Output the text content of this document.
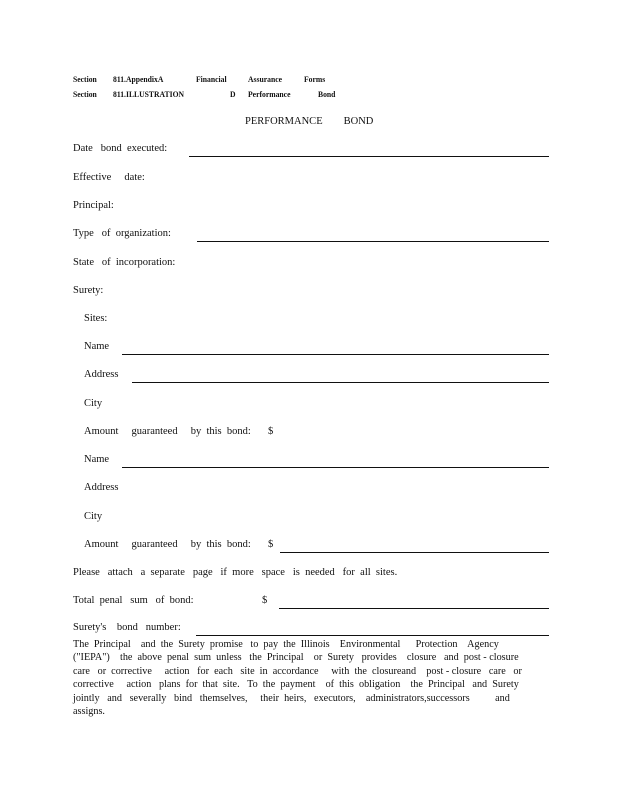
Section 811.AppendixA	Financial	Assurance	Forms
Section 811.ILLUSTRATION	D Performance	Bond
PERFORMANCE        BOND
Date   bond  executed:
Effective     date:
Principal:
Type   of  organization:
State   of  incorporation:
Surety:
Sites:
Name
Address
City
Amount     guaranteed     by  this  bond: $
Name
Address
City
Amount     guaranteed     by  this  bond: $
Please   attach   a  separate   page   if  more   space   is  needed   for  all  sites.
Total  penal   sum   of  bond:	$
Surety's    bond   number:
The  Principal    and  the  Surety  promise   to  pay  the  Illinois    Environmental      Protection    Agency
("IEPA")    the  above  penal  sum  unless   the  Principal    or  Surety   provides    closure   and  post - closure
care   or  corrective     action   for  each   site  in  accordance     with  the  closureand    post - closure   care   or
corrective     action   plans  for  that  site.   To  the  payment    of  this  obligation    the  Principal   and  Surety
jointly   and   severally   bind   themselves,     their  heirs,   executors,    administrators,successors          and
assigns.
